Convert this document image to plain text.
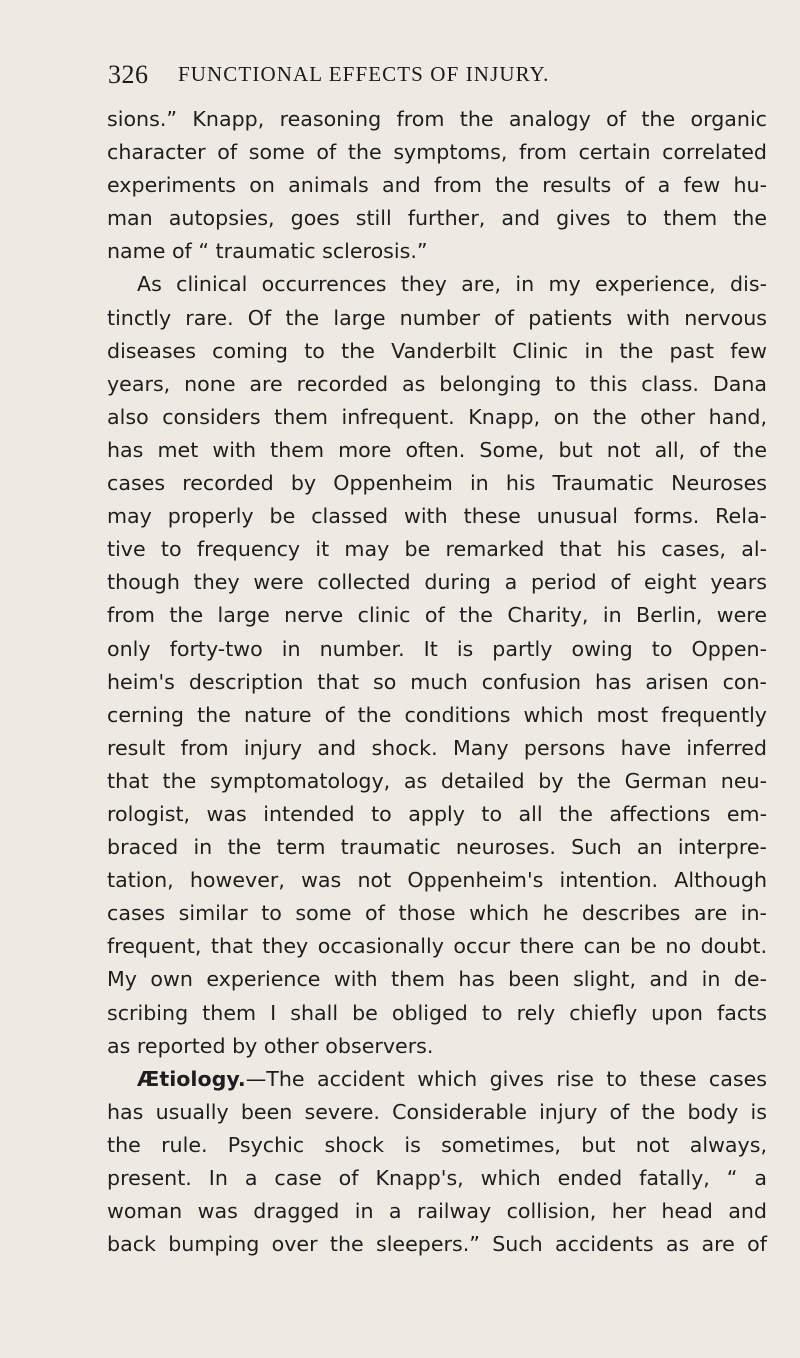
326 FUNCTIONAL EFFECTS OF INJURY.
sions.” Knapp, reasoning from the analogy of the organic
character of some of the symptoms, from certain correlated
experiments on animals and from the results of a few hu-
man autopsies, goes still further, and gives to them the
name of “ traumatic sclerosis.”
As clinical occurrences they are, in my experience, dis-
tinctly rare. Of the large number of patients with nervous
diseases coming to the Vanderbilt Clinic in the past few
years, none are recorded as belonging to this class. Dana
also considers them infrequent. Knapp, on the other hand,
has met with them more often. Some, but not all, of the
cases recorded by Oppenheim in his Traumatic Neuroses
may properly be classed with these unusual forms. Rela-
tive to frequency it may be remarked that his cases, al-
though they were collected during a period of eight years
from the large nerve clinic of the Charity, in Berlin, were
only forty-two in number. It is partly owing to Oppen-
heim's description that so much confusion has arisen con-
cerning the nature of the conditions which most frequently
result from injury and shock. Many persons have inferred
that the symptomatology, as detailed by the German neu-
rologist, was intended to apply to all the affections em-
braced in the term traumatic neuroses. Such an interpre-
tation, however, was not Oppenheim's intention. Although
cases similar to some of those which he describes are in-
frequent, that they occasionally occur there can be no doubt.
My own experience with them has been slight, and in de-
scribing them I shall be obliged to rely chiefly upon facts
as reported by other observers.
Ætiology.—The accident which gives rise to these cases
has usually been severe. Considerable injury of the body is
the rule. Psychic shock is sometimes, but not always,
present. In a case of Knapp's, which ended fatally, “ a
woman was dragged in a railway collision, her head and
back bumping over the sleepers.” Such accidents as are of
